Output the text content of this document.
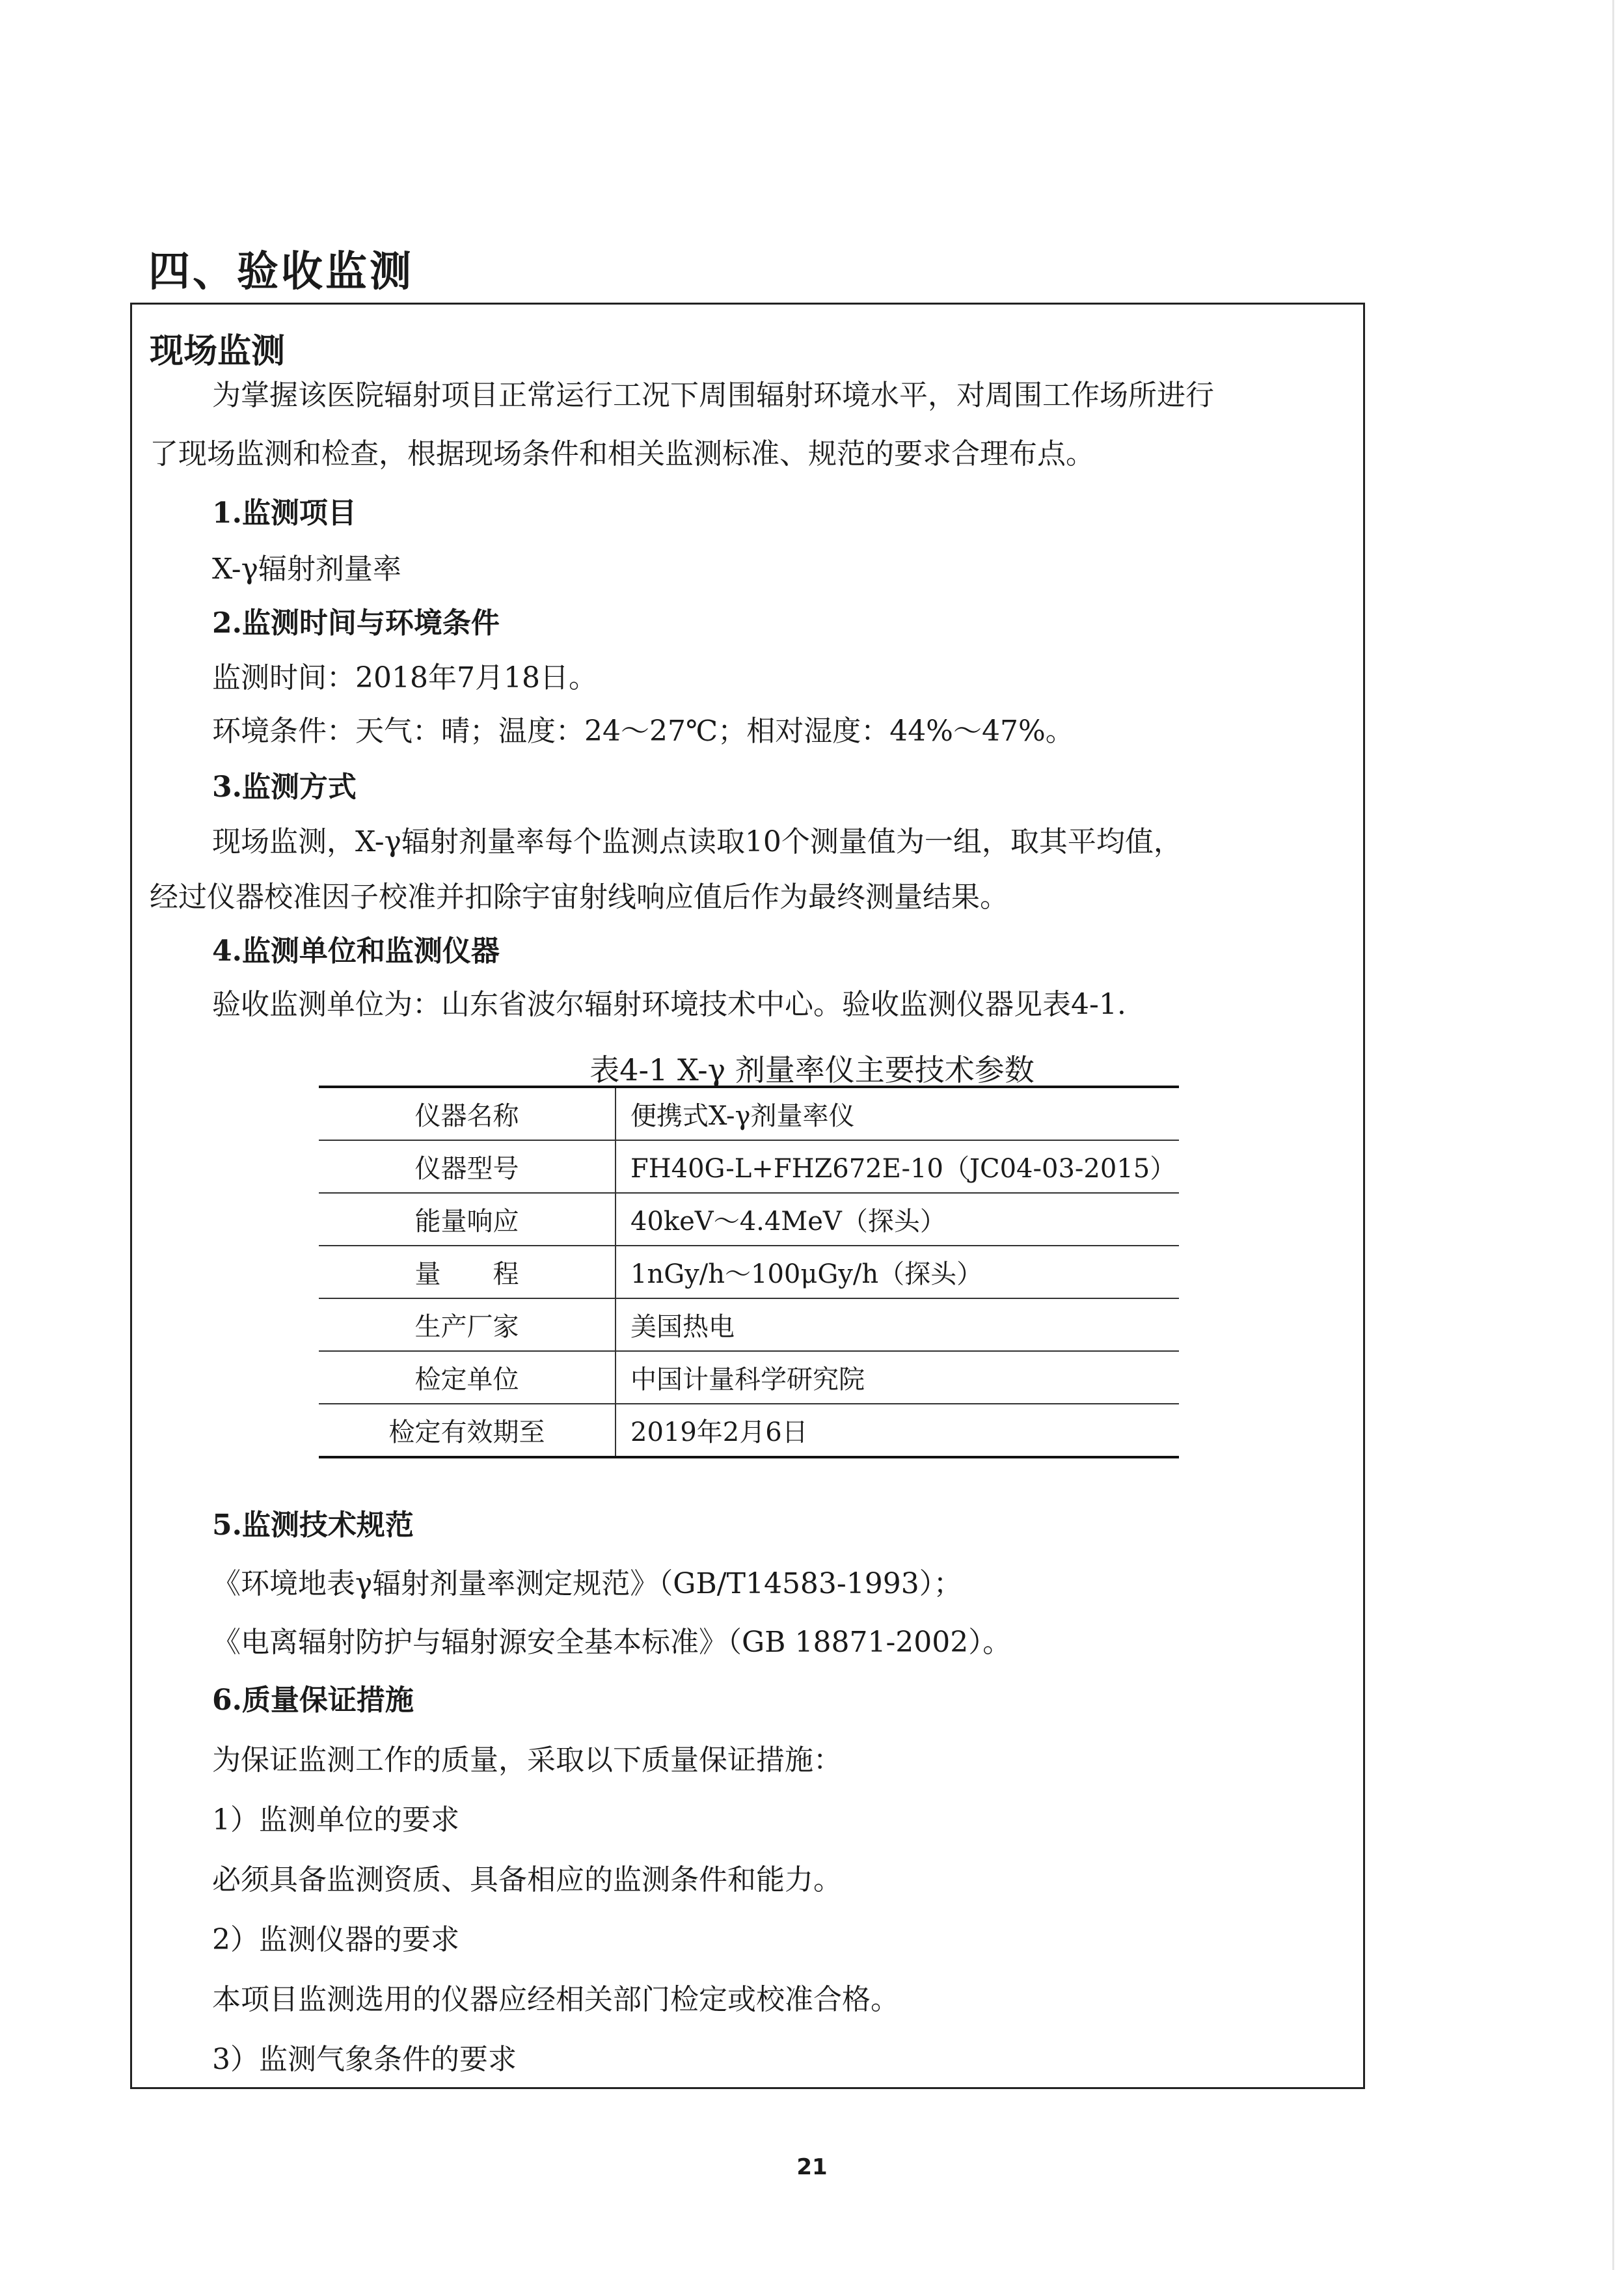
四、验收监测
现场监测
为掌握该医院辐射项目正常运行工况下周围辐射环境水平，对周围工作场所进行
了现场监测和检查，根据现场条件和相关监测标准、规范的要求合理布点。
1.监测项目
X-γ辐射剂量率
2.监测时间与环境条件
监测时间：2018年7月18日。
环境条件：天气：晴；温度：24～27℃；相对湿度：44%～47%。
3.监测方式
现场监测，X-γ辐射剂量率每个监测点读取10个测量值为一组，取其平均值，
经过仪器校准因子校准并扣除宇宙射线响应值后作为最终测量结果。
4.监测单位和监测仪器
验收监测单位为：山东省波尔辐射环境技术中心。验收监测仪器见表4-1.
表4-1 X-γ 剂量率仪主要技术参数
仪器名称	便携式X-γ剂量率仪
仪器型号	FH40G-L+FHZ672E-10（JC04-03-2015）
能量响应	40keV～4.4MeV（探头）
量　　程	1nGy/h～100μGy/h（探头）
生产厂家	美国热电
检定单位	中国计量科学研究院
检定有效期至	2019年2月6日
5.监测技术规范
《环境地表γ辐射剂量率测定规范》（GB/T14583-1993）；
《电离辐射防护与辐射源安全基本标准》（GB 18871-2002）。
6.质量保证措施
为保证监测工作的质量，采取以下质量保证措施：
1）监测单位的要求
必须具备监测资质、具备相应的监测条件和能力。
2）监测仪器的要求
本项目监测选用的仪器应经相关部门检定或校准合格。
3）监测气象条件的要求
21
